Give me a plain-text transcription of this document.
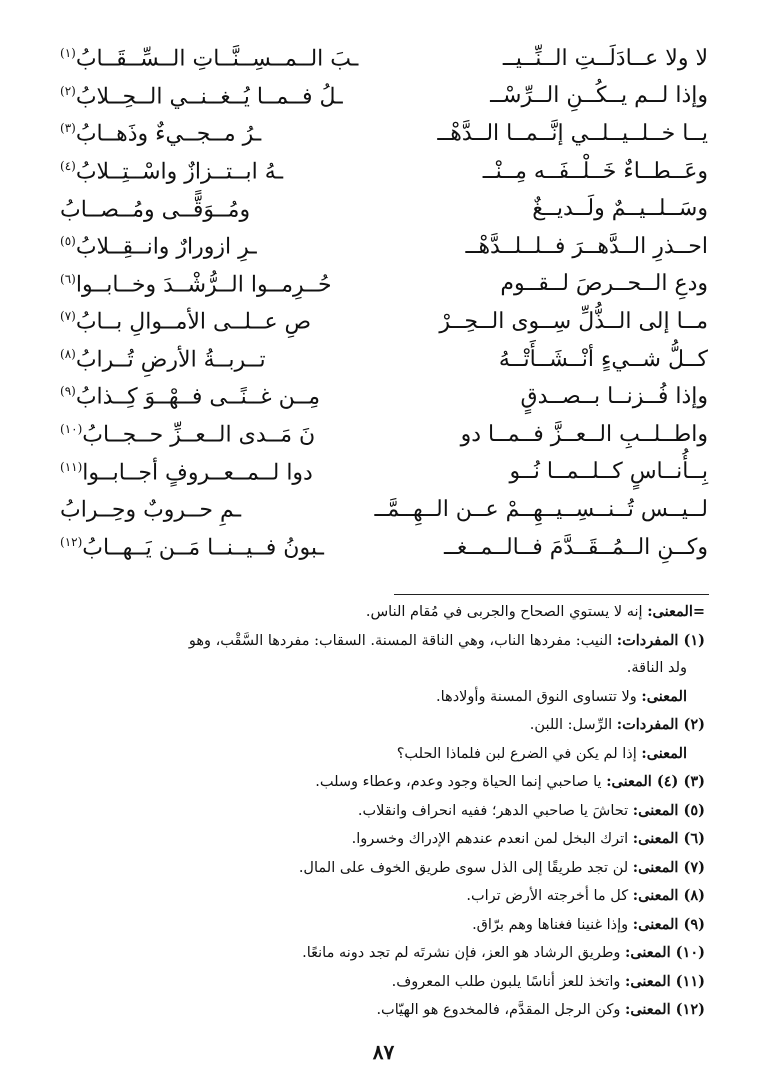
لا ولا عــادَلَــتِ الــنِّــيــ
ـبَ الــمــسِــنَّــاتِ الــسِّــقَــابُ$^{(١)}$
وإذا لــم يــكُــنِ الــرِّسْــ
ـلُ فــمــا يُــغــنــي الــحِــلابُ$^{(٢)}$
يــا خــلــيــلــي إنَّــمــا الــدَّهْــ
ـرُ مــجــيءٌ وذَهــابُ$^{(٣)}$
وعَــطــاءٌ خَــلْــفَــه مِــنْــ
ـهُ ابــتــزازٌ واسْــتِــلابُ$^{(٤)}$
وسَــلــيــمٌ ولَــديــغٌ
ومُــوَقًّــى ومُــصــابُ
احــذرِ الــدَّهــرَ فــلــلــدَّهْــ
ـرِ ازورارٌ وانــقِــلابُ$^{(٥)}$
ودعِ الــحــرصَ لــقــوم
حُــرِمــوا الــرُّشْــدَ وخــابــوا$^{(٦)}$
مــا إلى الــذُّلِّ سِــوى الــحِــرْ
صِ عــلــى الأمــوالِ بــابُ$^{(٧)}$
كــلُّ شــيءٍ أنْــشَــأَتْــهُ
تــربــةُ الأرضِ تُــرابُ$^{(٨)}$
وإذا فُــزنــا بــصــدقٍ
مِــن غــنًــى فــهْــوَ كِــذابُ$^{(٩)}$
واطــلــبِ الــعــزَّ فــمــا دو
نَ مَــدى الــعــزِّ حــجــابُ$^{(١٠)}$
بِــأُنــاسٍ كــلــمــا نُــو
دوا لــمــعــروفٍ أجــابــوا$^{(١١)}$
لــيــس تُــنــسِــيــهِــمْ عــن الــهِــمَّــ
ـمِ حــروبٌ وحِــرابُ
وكــنِ الــمُــقَــدَّمَ فــالــمــغــ
ـبونُ فــيــنــا مَــن يَــهــابُ$^{(١٢)}$
=المعنى: إنه لا يستوي الصحاح والجربى في مُقام الناس.
(١) المفردات: النيب: مفردها الناب، وهي الناقة المسنة. السقاب: مفردها السَّقْب، وهو
ولد الناقة.
المعنى: ولا تتساوى النوق المسنة وأولادها.
(٢) المفردات: الرِّسل: اللبن.
المعنى: إذا لم يكن في الضرع لبن فلماذا الحلب؟
(٣) (٤) المعنى: يا صاحبي إنما الحياة وجود وعدم، وعطاء وسلب.
(٥) المعنى: تحاشَ يا صاحبي الدهر؛ ففيه انحراف وانقلاب.
(٦) المعنى: اترك البخل لمن انعدم عندهم الإدراك وخسروا.
(٧) المعنى: لن تجد طريقًا إلى الذل سوى طريق الخوف على المال.
(٨) المعنى: كل ما أخرجته الأرض تراب.
(٩) المعنى: وإذا غنينا فغناها وهم برّاق.
(١٠) المعنى: وطريق الرشاد هو العز، فإن نشرتَه لم تجد دونه مانعًا.
(١١) المعنى: واتخذ للعز أناسًا يلبون طلب المعروف.
(١٢) المعنى: وكن الرجل المقدَّم، فالمخدوع هو الهيّاب.
٨٧
